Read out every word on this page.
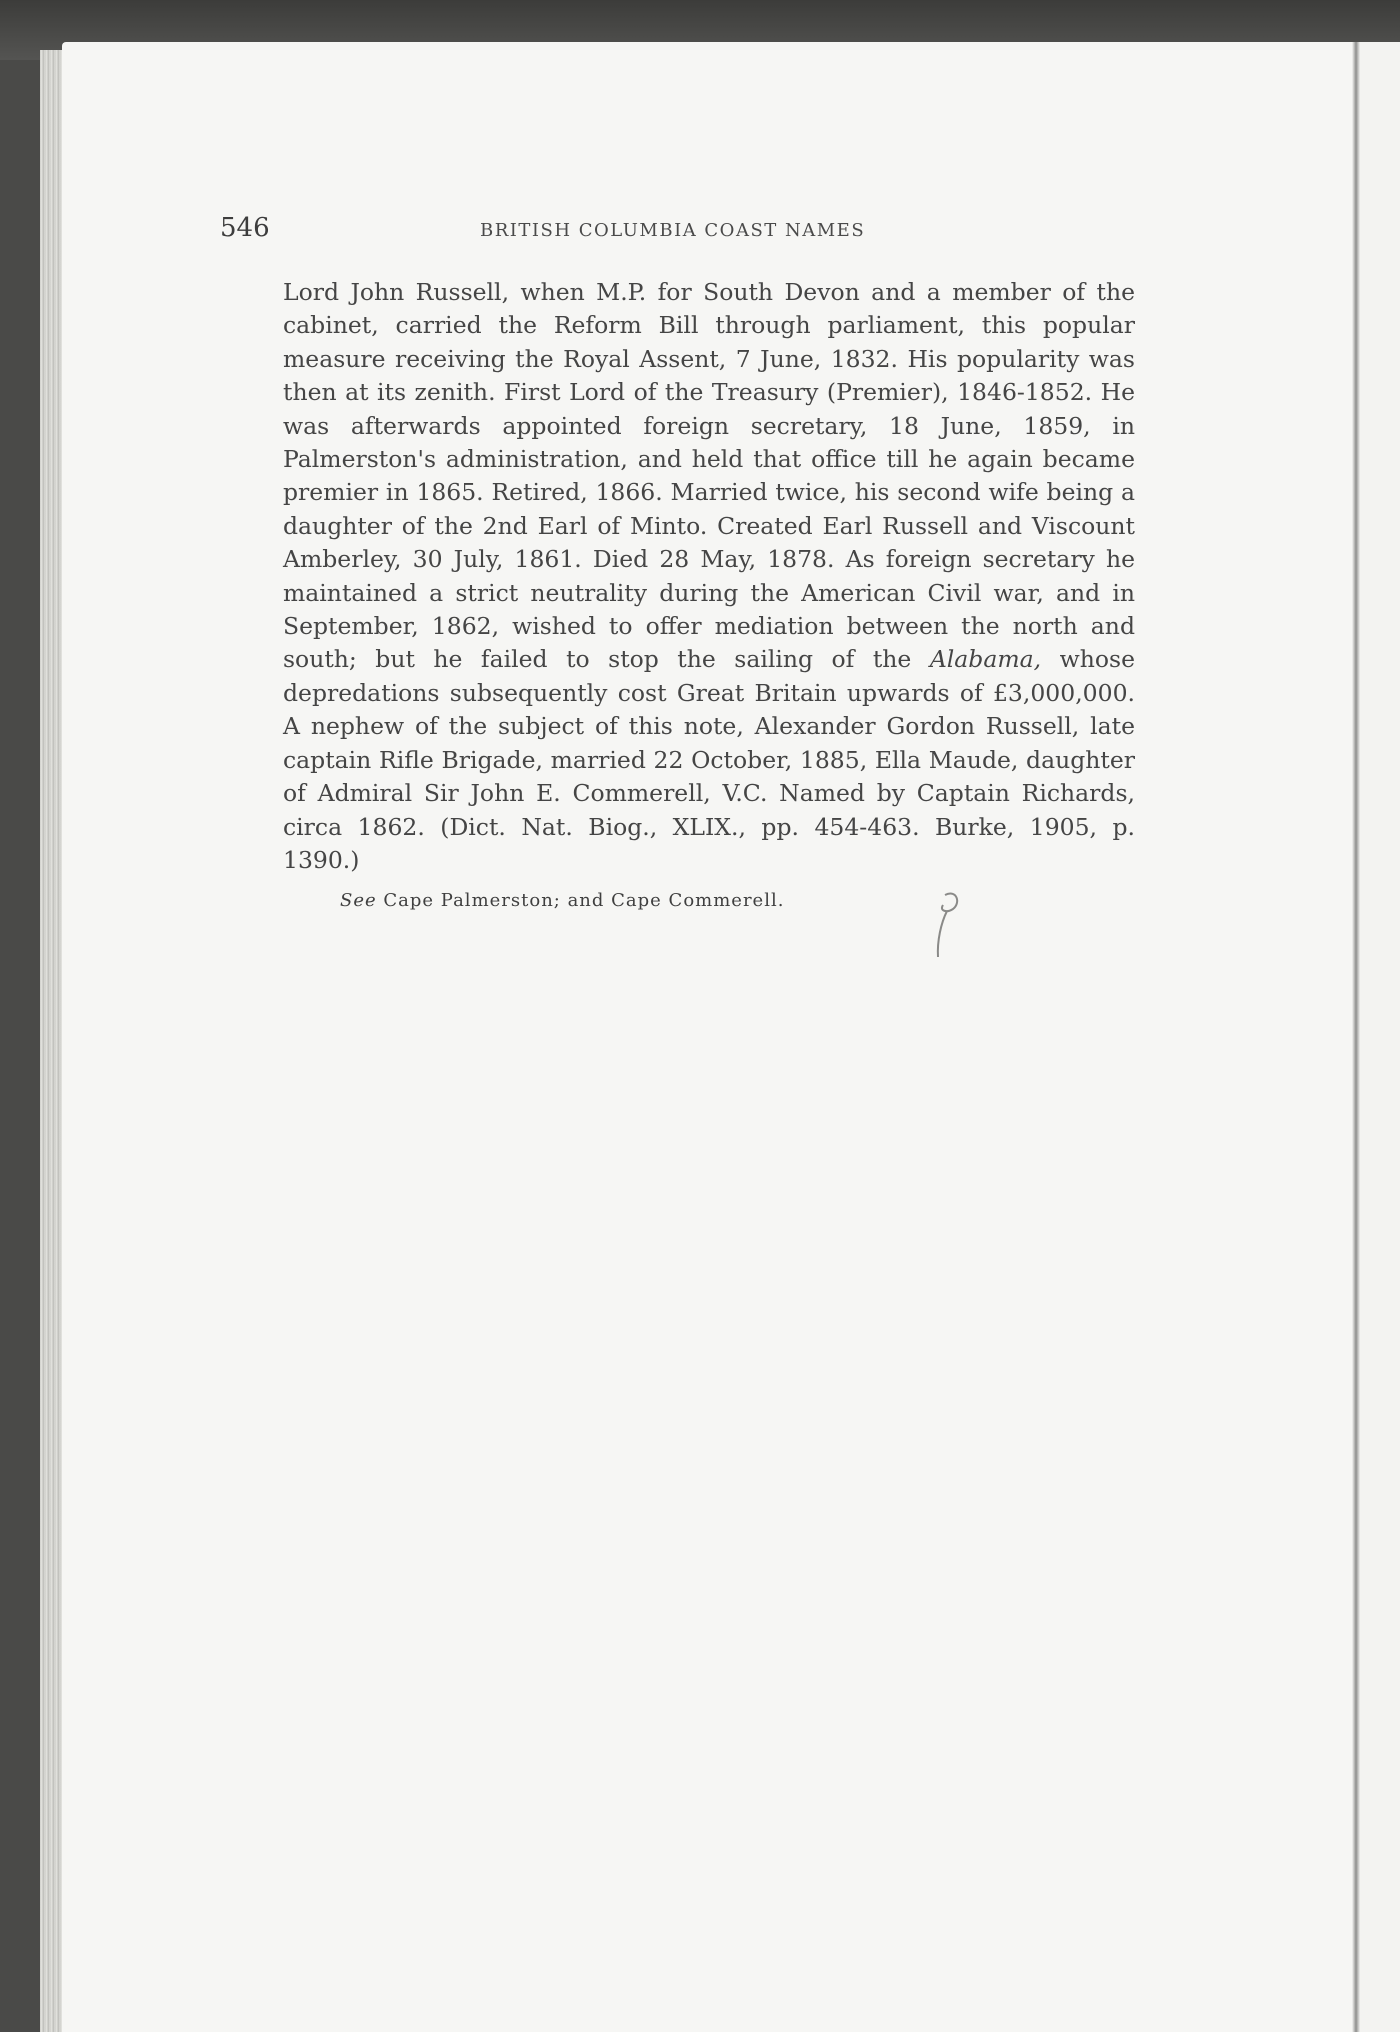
546	BRITISH COLUMBIA COAST NAMES

Lord John Russell, when M.P. for South Devon and a member of the cabinet, carried the Reform Bill through parliament, this popular measure receiving the Royal Assent, 7 June, 1832. His popularity was then at its zenith. First Lord of the Treasury (Premier), 1846-1852. He was afterwards appointed foreign secretary, 18 June, 1859, in Palmerston's administration, and held that office till he again became premier in 1865. Retired, 1866. Married twice, his second wife being a daughter of the 2nd Earl of Minto. Created Earl Russell and Viscount Amberley, 30 July, 1861. Died 28 May, 1878. As foreign secretary he maintained a strict neutrality during the American Civil war, and in September, 1862, wished to offer mediation between the north and south; but he failed to stop the sailing of the Alabama, whose depredations subsequently cost Great Britain upwards of £3,000,000. A nephew of the subject of this note, Alexander Gordon Russell, late captain Rifle Brigade, married 22 October, 1885, Ella Maude, daughter of Admiral Sir John E. Commerell, V.C. Named by Captain Richards, circa 1862. (Dict. Nat. Biog., XLIX., pp. 454-463. Burke, 1905, p. 1390.)

See Cape Palmerston; and Cape Commerell.
